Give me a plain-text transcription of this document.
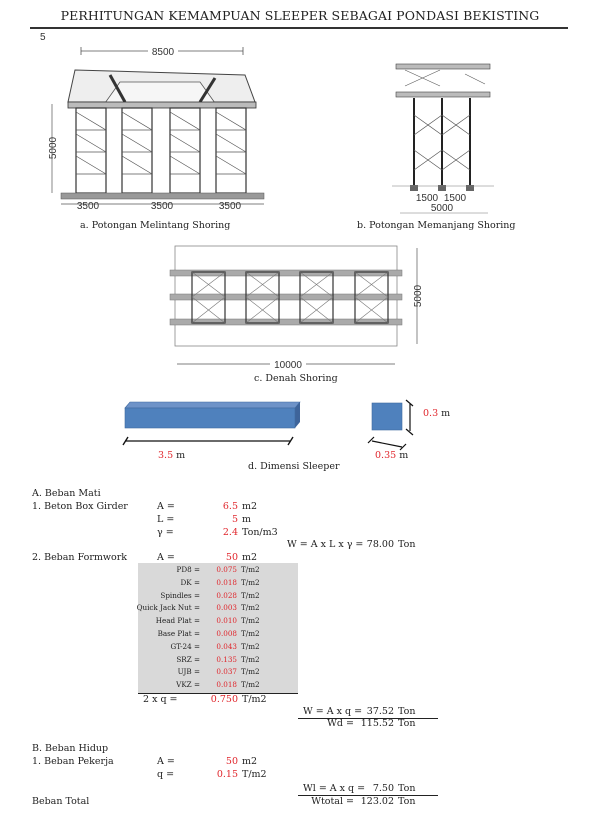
PERHITUNGAN KEMAMPUAN SLEEPER SEBAGAI PONDASI BEKISTING
8500
5
5000
3500	3500	3500
a. Potongan Melintang Shoring
1500 1500
5000
b. Potongan Memanjang Shoring
5000
10000
c. Denah Shoring
3.5 m
0.3 m
0.35 m
d. Dimensi Sleeper
A. Beban Mati
1. Beton Box Girder	A =	6.5 m2
L =	5 m
γ =	2.4 Ton/m3
W = A x L x γ = 78.00 Ton
2. Beban Formwork	A =	50 m2
PD8 =	0.075 T/m2
DK =	0.018 T/m2
Spindles =	0.028 T/m2
Quick Jack Nut =	0.003 T/m2
Head Plat =	0.010 T/m2
Base Plat =	0.008 T/m2
GT-24 =	0.043 T/m2
SRZ =	0.135 T/m2
UJB =	0.037 T/m2
VKZ =	0.018 T/m2
2 x q =	0.750 T/m2
W = A x q = 37.52 Ton
Wd = 115.52 Ton
B. Beban Hidup
1. Beban Pekerja	A =	50 m2
q =	0.15 T/m2
Wl = A x q = 7.50 Ton
Beban Total	Wtotal = 123.02 Ton
